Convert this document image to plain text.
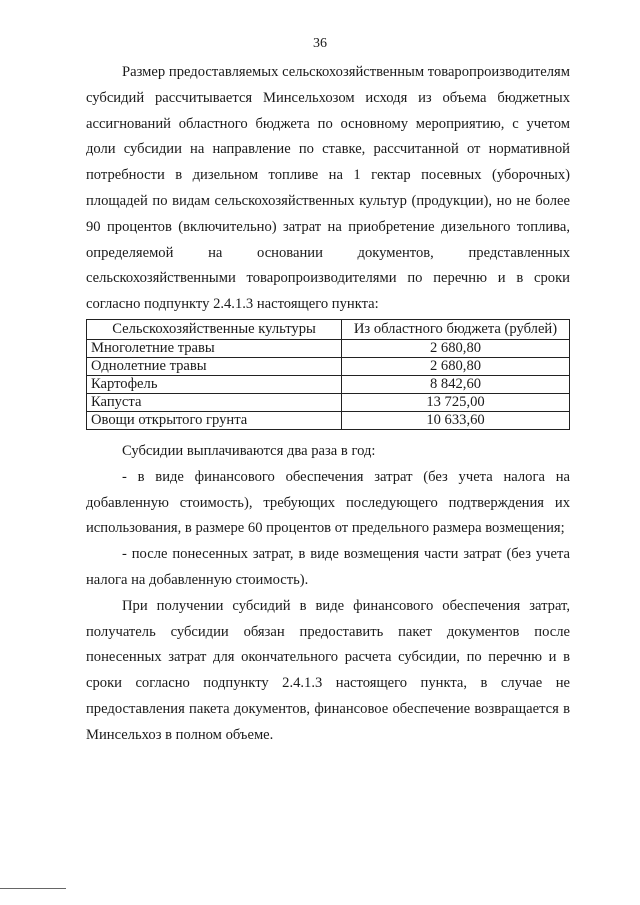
36

Размер предоставляемых сельскохозяйственным товаропроизводителям субсидий рассчитывается Минсельхозом исходя из объема бюджетных ассигнований областного бюджета по основному мероприятию, с учетом доли субсидии на направление по ставке, рассчитанной от нормативной потребности в дизельном топливе на 1 гектар посевных (уборочных) площадей по видам сельскохозяйственных культур (продукции), но не более 90 процентов (включительно) затрат на приобретение дизельного топлива, определяемой на основании документов, представленных сельскохозяйственными товаропроизводителями по перечню и в сроки согласно подпункту 2.4.1.3 настоящего пункта:

Сельскохозяйственные культуры	Из областного бюджета (рублей)
Многолетние травы	2 680,80
Однолетние травы	2 680,80
Картофель	8 842,60
Капуста	13 725,00
Овощи открытого грунта	10 633,60

Субсидии выплачиваются два раза в год:

- в виде финансового обеспечения затрат (без учета налога на добавленную стоимость), требующих последующего подтверждения их использования, в размере 60 процентов от предельного размера возмещения;

- после понесенных затрат, в виде возмещения части затрат (без учета налога на добавленную стоимость).

При получении субсидий в виде финансового обеспечения затрат, получатель субсидии обязан предоставить пакет документов после понесенных затрат для окончательного расчета субсидии, по перечню и в сроки согласно подпункту 2.4.1.3 настоящего пункта, в случае не предоставления пакета документов, финансовое обеспечение возвращается в Минсельхоз в полном объеме.
